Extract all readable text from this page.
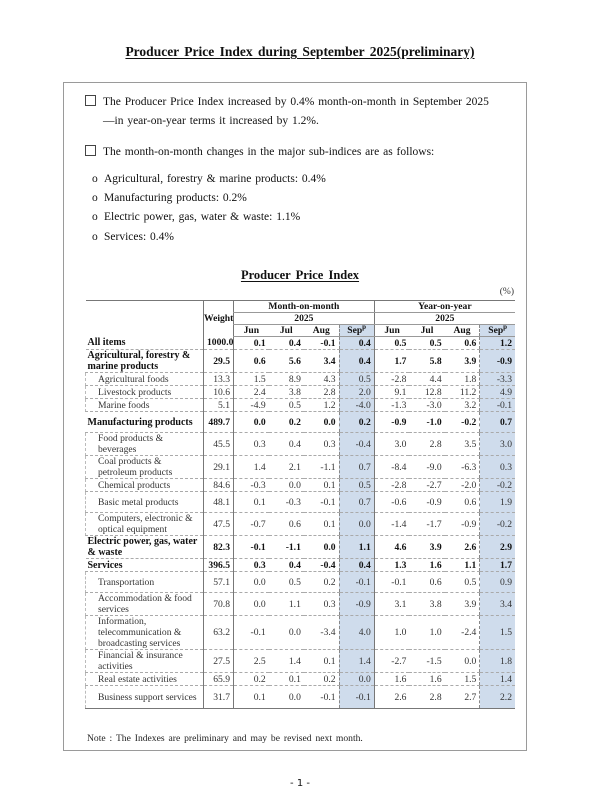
Producer Price Index during September 2025(preliminary)
The Producer Price Index increased by 0.4% month-on-month in September 2025
—in year-on-year terms it increased by 1.2%.
The month-on-month changes in the major sub-indices are as follows:
o Agricultural, forestry & marine products: 0.4%
o Manufacturing products: 0.2%
o Electric power, gas, water & waste: 1.1%
o Services: 0.4%
Producer Price Index
(%)
	Weight	Month-on-month				Year-on-year			
		2025				2025			
		Jun	Jul	Aug	Sep$^p$	Jun	Jul	Aug	Sep$^p$
All items	1000.0	0.1	0.4	-0.1	0.4	0.5	0.5	0.6	1.2
Agricultural, forestry & marine products	29.5	0.6	5.6	3.4	0.4	1.7	5.8	3.9	-0.9
Agricultural foods	13.3	1.5	8.9	4.3	0.5	-2.8	4.4	1.8	-3.3
Livestock products	10.6	2.4	3.8	2.8	2.0	9.1	12.8	11.2	4.9
Marine foods	5.1	-4.9	0.5	1.2	-4.0	-1.3	-3.0	3.2	-0.1
Manufacturing products	489.7	0.0	0.2	0.0	0.2	-0.9	-1.0	-0.2	0.7
Food products & beverages	45.5	0.3	0.4	0.3	-0.4	3.0	2.8	3.5	3.0
Coal products & petroleum products	29.1	1.4	2.1	-1.1	0.7	-8.4	-9.0	-6.3	0.3
Chemical products	84.6	-0.3	0.0	0.1	0.5	-2.8	-2.7	-2.0	-0.2
Basic metal products	48.1	0.1	-0.3	-0.1	0.7	-0.6	-0.9	0.6	1.9
Computers, electronic & optical equipment	47.5	-0.7	0.6	0.1	0.0	-1.4	-1.7	-0.9	-0.2
Electric power, gas, water & waste	82.3	-0.1	-1.1	0.0	1.1	4.6	3.9	2.6	2.9
Services	396.5	0.3	0.4	-0.4	0.4	1.3	1.6	1.1	1.7
Transportation	57.1	0.0	0.5	0.2	-0.1	-0.1	0.6	0.5	0.9
Accommodation & food services	70.8	0.0	1.1	0.3	-0.9	3.1	3.8	3.9	3.4
Information, telecommunication & broadcasting services	63.2	-0.1	0.0	-3.4	4.0	1.0	1.0	-2.4	1.5
Financial & insurance activities	27.5	2.5	1.4	0.1	1.4	-2.7	-1.5	0.0	1.8
Real estate activities	65.9	0.2	0.1	0.2	0.0	1.6	1.6	1.5	1.4
Business support services	31.7	0.1	0.0	-0.1	-0.1	2.6	2.8	2.7	2.2
Note : The Indexes are preliminary and may be revised next month.
- 1 -
